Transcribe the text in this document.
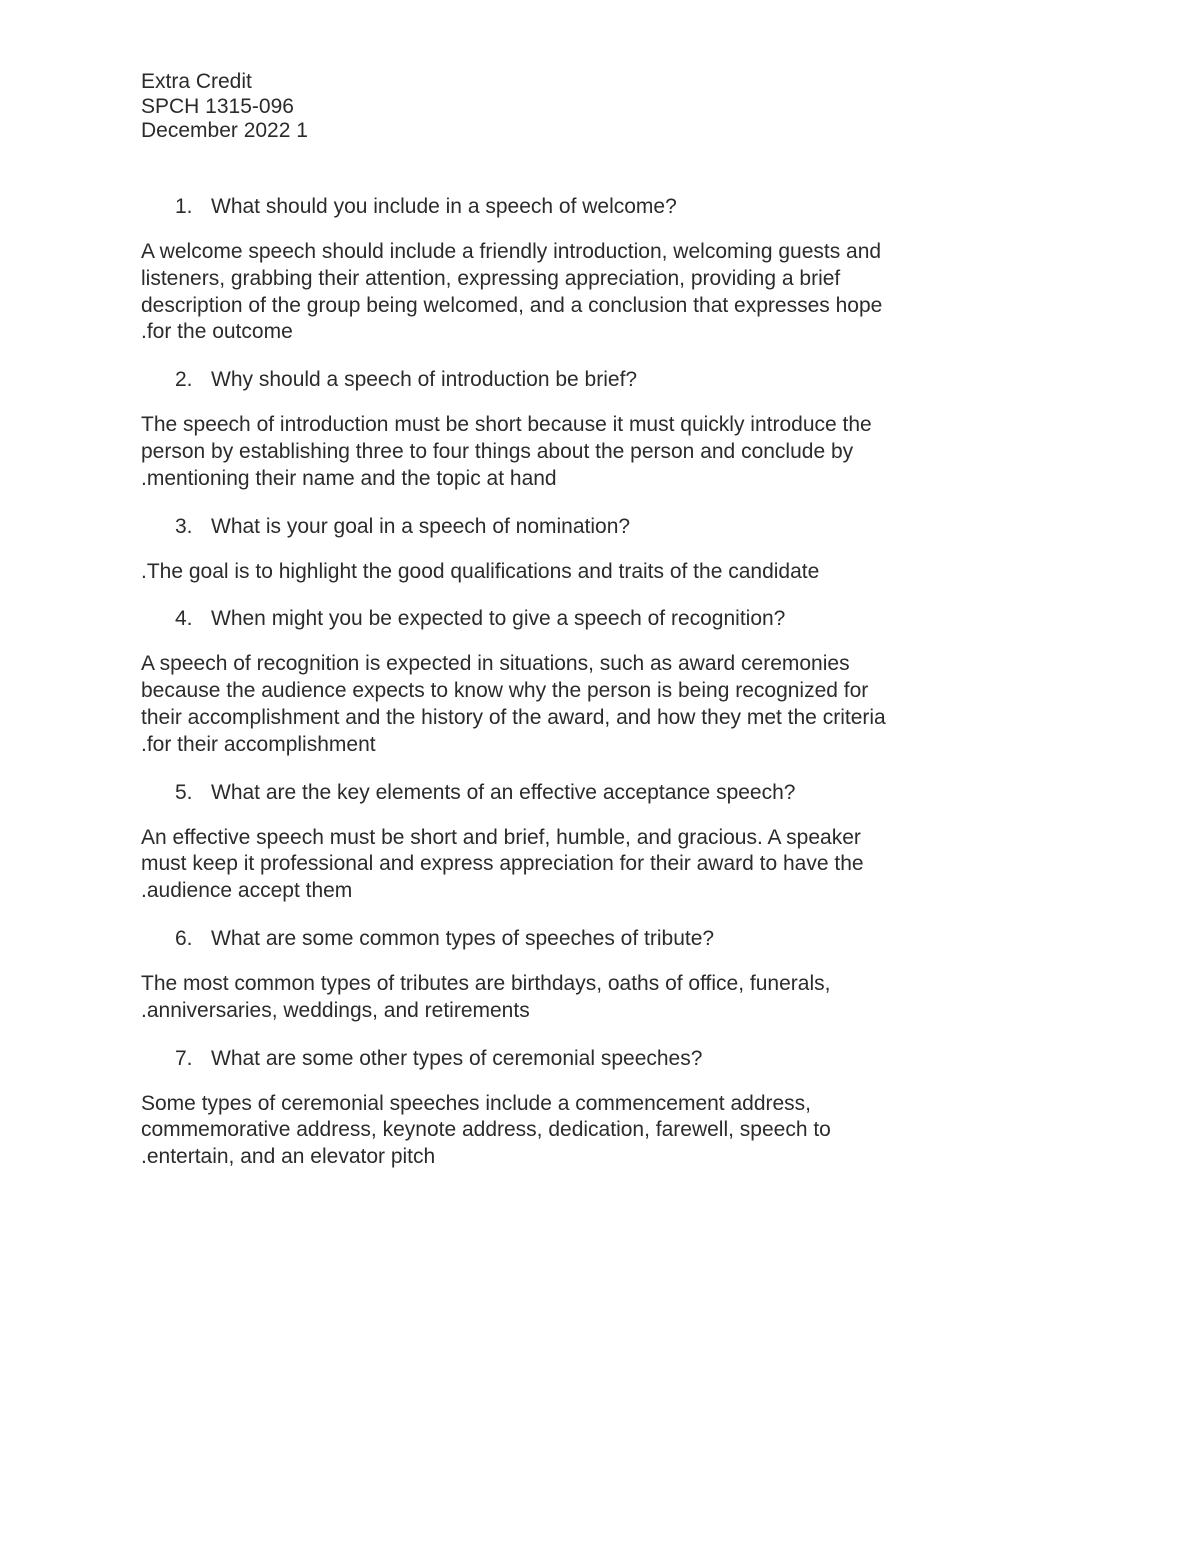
Extra Credit
SPCH 1315-096
December 2022 1
1. What should you include in a speech of welcome?
A welcome speech should include a friendly introduction, welcoming guests and
listeners, grabbing their attention, expressing appreciation, providing a brief
description of the group being welcomed, and a conclusion that expresses hope
.for the outcome
2. Why should a speech of introduction be brief?
The speech of introduction must be short because it must quickly introduce the
person by establishing three to four things about the person and conclude by
.mentioning their name and the topic at hand
3. What is your goal in a speech of nomination?
.The goal is to highlight the good qualifications and traits of the candidate
4. When might you be expected to give a speech of recognition?
A speech of recognition is expected in situations, such as award ceremonies
because the audience expects to know why the person is being recognized for
their accomplishment and the history of the award, and how they met the criteria
.for their accomplishment
5. What are the key elements of an effective acceptance speech?
An effective speech must be short and brief, humble, and gracious. A speaker
must keep it professional and express appreciation for their award to have the
.audience accept them
6. What are some common types of speeches of tribute?
The most common types of tributes are birthdays, oaths of office, funerals,
.anniversaries, weddings, and retirements
7. What are some other types of ceremonial speeches?
Some types of ceremonial speeches include a commencement address,
commemorative address, keynote address, dedication, farewell, speech to
.entertain, and an elevator pitch
